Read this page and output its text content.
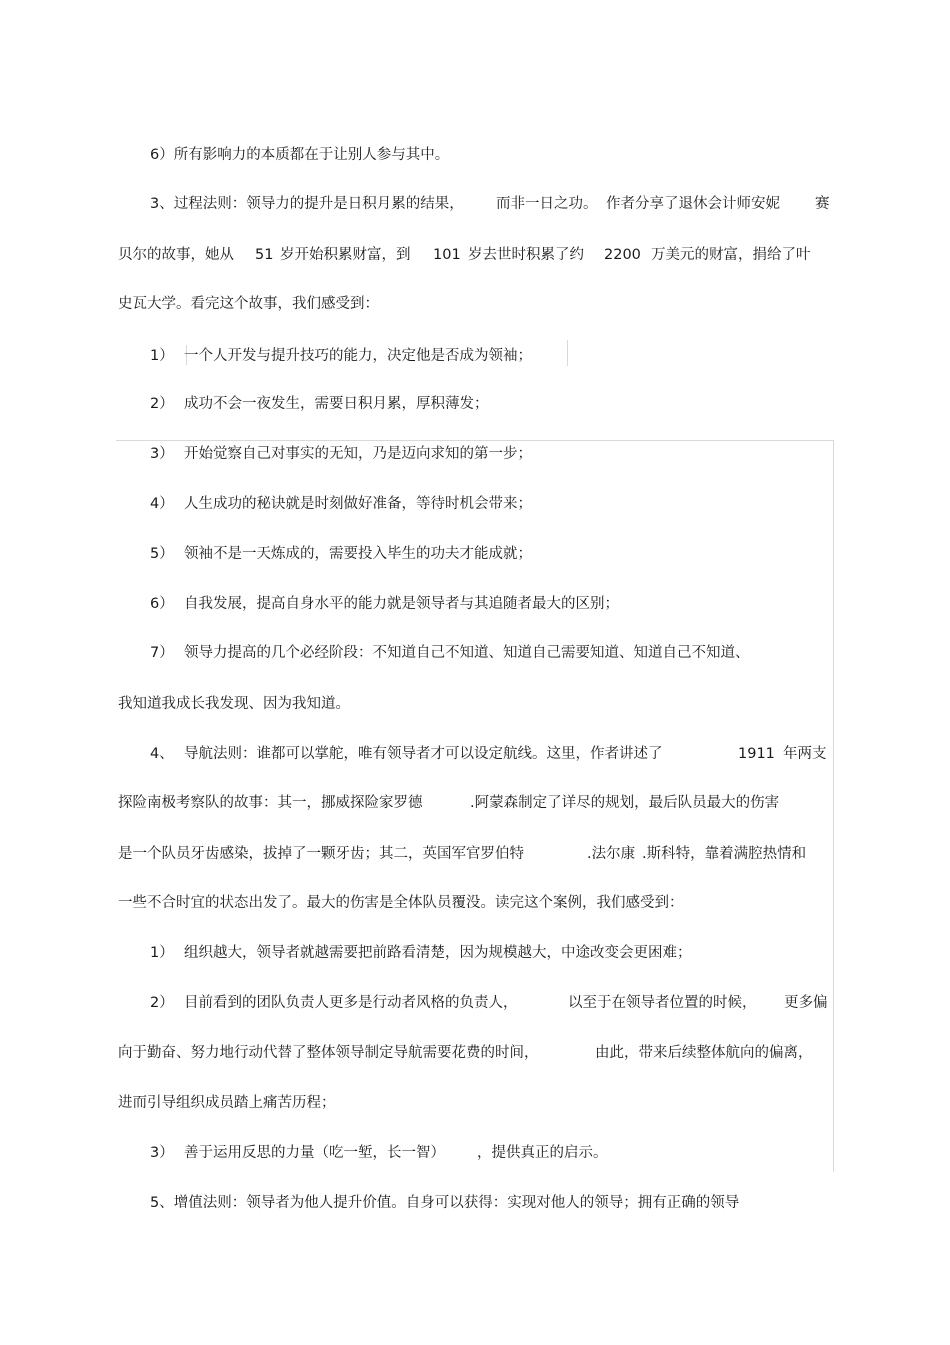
6）所有影响力的本质都在于让别人参与其中。
3、过程法则：领导力的提升是日积月累的结果， 而非一日之功。 作者分享了退休会计师安妮 赛
贝尔的故事，她从 51 岁开始积累财富，到 101 岁去世时积累了约 2200 万美元的财富，捐给了叶
史瓦大学。看完这个故事，我们感受到：
1） 一个人开发与提升技巧的能力，决定他是否成为领袖；
2） 成功不会一夜发生，需要日积月累，厚积薄发；
3） 开始觉察自己对事实的无知，乃是迈向求知的第一步；
4） 人生成功的秘诀就是时刻做好准备，等待时机会带来；
5） 领袖不是一天炼成的，需要投入毕生的功夫才能成就；
6） 自我发展，提高自身水平的能力就是领导者与其追随者最大的区别；
7） 领导力提高的几个必经阶段：不知道自己不知道、知道自己需要知道、知道自己不知道、
我知道我成长我发现、因为我知道。
4、 导航法则：谁都可以掌舵，唯有领导者才可以设定航线。这里，作者讲述了	1911 年两支
探险南极考察队的故事：其一，挪威探险家罗德	.阿蒙森制定了详尽的规划，最后队员最大的伤害
是一个队员牙齿感染，拔掉了一颗牙齿；其二，英国军官罗伯特	.法尔康 .斯科特，靠着满腔热情和
一些不合时宜的状态出发了。最大的伤害是全体队员覆没。读完这个案例，我们感受到：
1） 组织越大，领导者就越需要把前路看清楚，因为规模越大，中途改变会更困难；
2） 目前看到的团队负责人更多是行动者风格的负责人，	以至于在领导者位置的时候， 更多偏
向于勤奋、努力地行动代替了整体领导制定导航需要花费的时间，	由此，带来后续整体航向的偏离，
进而引导组织成员踏上痛苦历程；
3） 善于运用反思的力量（吃一堑，长一智） ，提供真正的启示。
5、增值法则：领导者为他人提升价值。自身可以获得：实现对他人的领导；拥有正确的领导
